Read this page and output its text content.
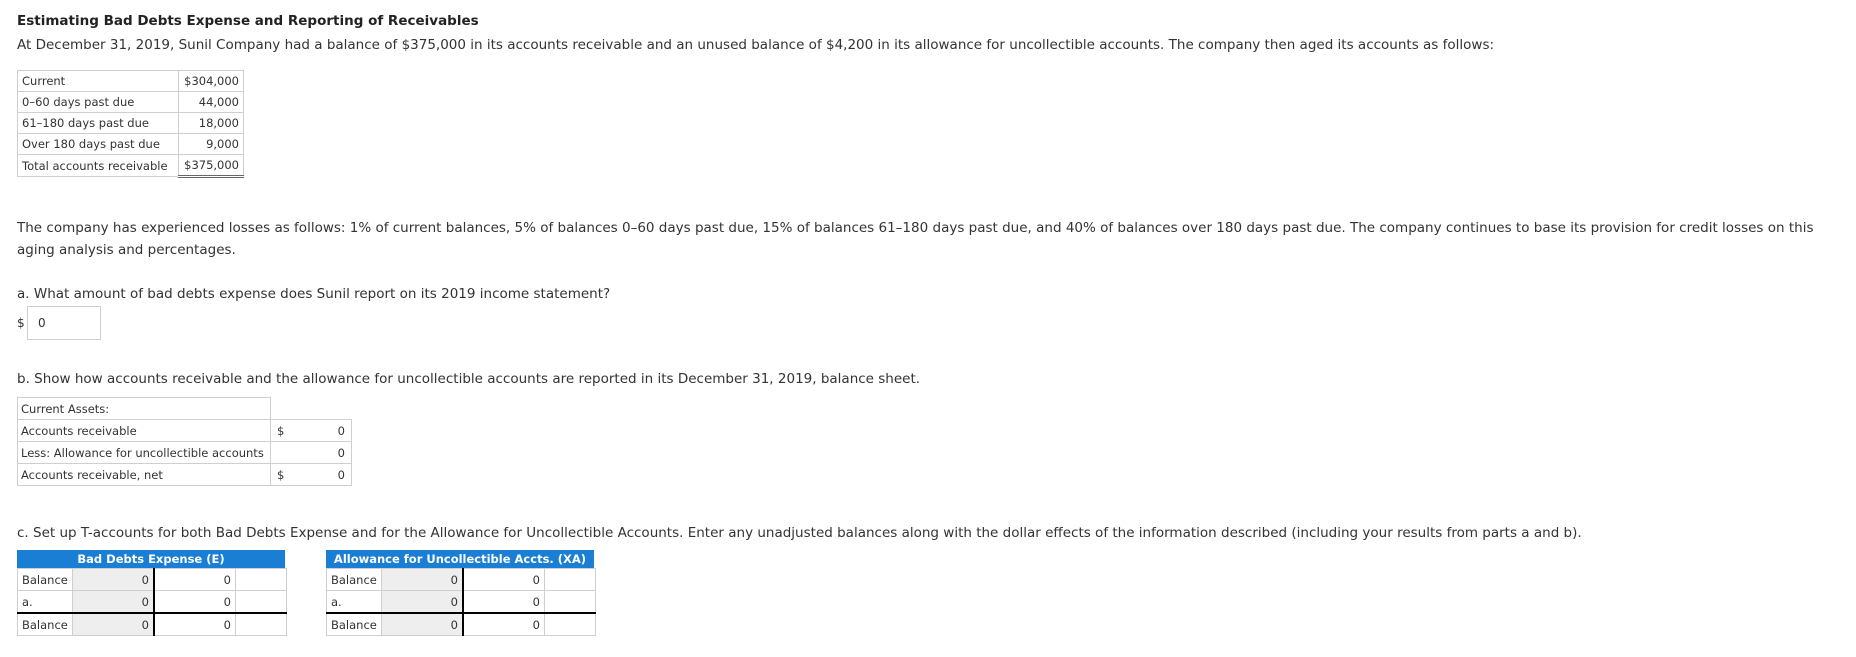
Estimating Bad Debts Expense and Reporting of Receivables
At December 31, 2019, Sunil Company had a balance of $375,000 in its accounts receivable and an unused balance of $4,200 in its allowance for uncollectible accounts. The company then aged its accounts as follows:
Current	$304,000
0–60 days past due	44,000
61–180 days past due	18,000
Over 180 days past due	9,000
Total accounts receivable	$375,000
The company has experienced losses as follows: 1% of current balances, 5% of balances 0–60 days past due, 15% of balances 61–180 days past due, and 40% of balances over 180 days past due. The company continues to base its provision for credit losses on this
aging analysis and percentages.
a. What amount of bad debts expense does Sunil report on its 2019 income statement?
$ 0
b. Show how accounts receivable and the allowance for uncollectible accounts are reported in its December 31, 2019, balance sheet.
Current Assets:		
Accounts receivable	$	0
Less: Allowance for uncollectible accounts		0
Accounts receivable, net	$	0
c. Set up T-accounts for both Bad Debts Expense and for the Allowance for Uncollectible Accounts. Enter any unadjusted balances along with the dollar effects of the information described (including your results from parts a and b).
Bad Debts Expense (E)
Balance	0	0	
a.	0	0	
Balance	0	0	
Allowance for Uncollectible Accts. (XA)
Balance	0	0	
a.	0	0	
Balance	0	0	
